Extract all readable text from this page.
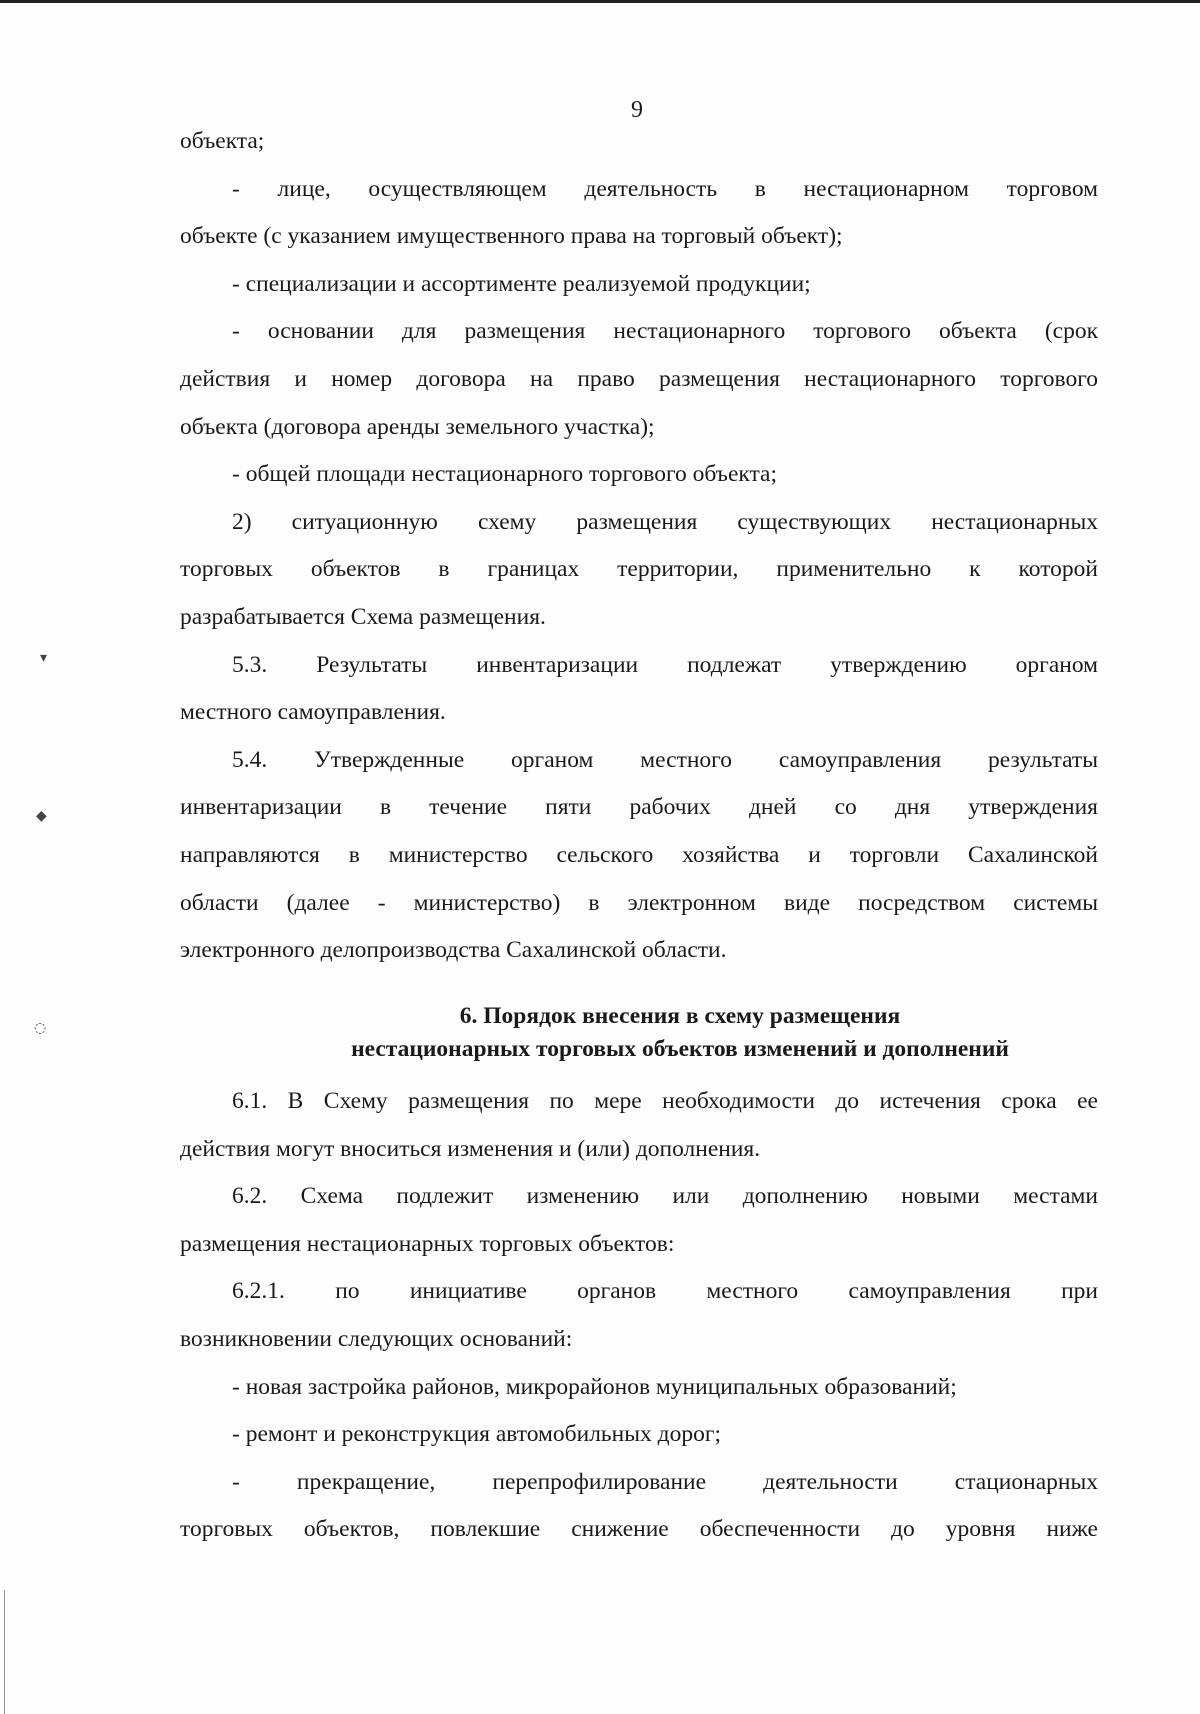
9
объекта;
- лице, осуществляющем деятельность в нестационарном торговом
объекте (с указанием имущественного права на торговый объект);
- специализации и ассортименте реализуемой продукции;
- основании для размещения нестационарного торгового объекта (срок
действия и номер договора на право размещения нестационарного торгового
объекта (договора аренды земельного участка);
- общей площади нестационарного торгового объекта;
2) ситуационную схему размещения существующих нестационарных
торговых объектов в границах территории, применительно к которой
разрабатывается Схема размещения.
5.3. Результаты инвентаризации подлежат утверждению органом
местного самоуправления.
5.4. Утвержденные органом местного самоуправления результаты
инвентаризации в течение пяти рабочих дней со дня утверждения
направляются в министерство сельского хозяйства и торговли Сахалинской
области (далее - министерство) в электронном виде посредством системы
электронного делопроизводства Сахалинской области.
6. Порядок внесения в схему размещения
нестационарных торговых объектов изменений и дополнений
6.1. В Схему размещения по мере необходимости до истечения срока ее
действия могут вноситься изменения и (или) дополнения.
6.2. Схема подлежит изменению или дополнению новыми местами
размещения нестационарных торговых объектов:
6.2.1. по инициативе органов местного самоуправления при
возникновении следующих оснований:
- новая застройка районов, микрорайонов муниципальных образований;
- ремонт и реконструкция автомобильных дорог;
- прекращение, перепрофилирование деятельности стационарных
торговых объектов, повлекшие снижение обеспеченности до уровня ниже
▾
◆
◌
